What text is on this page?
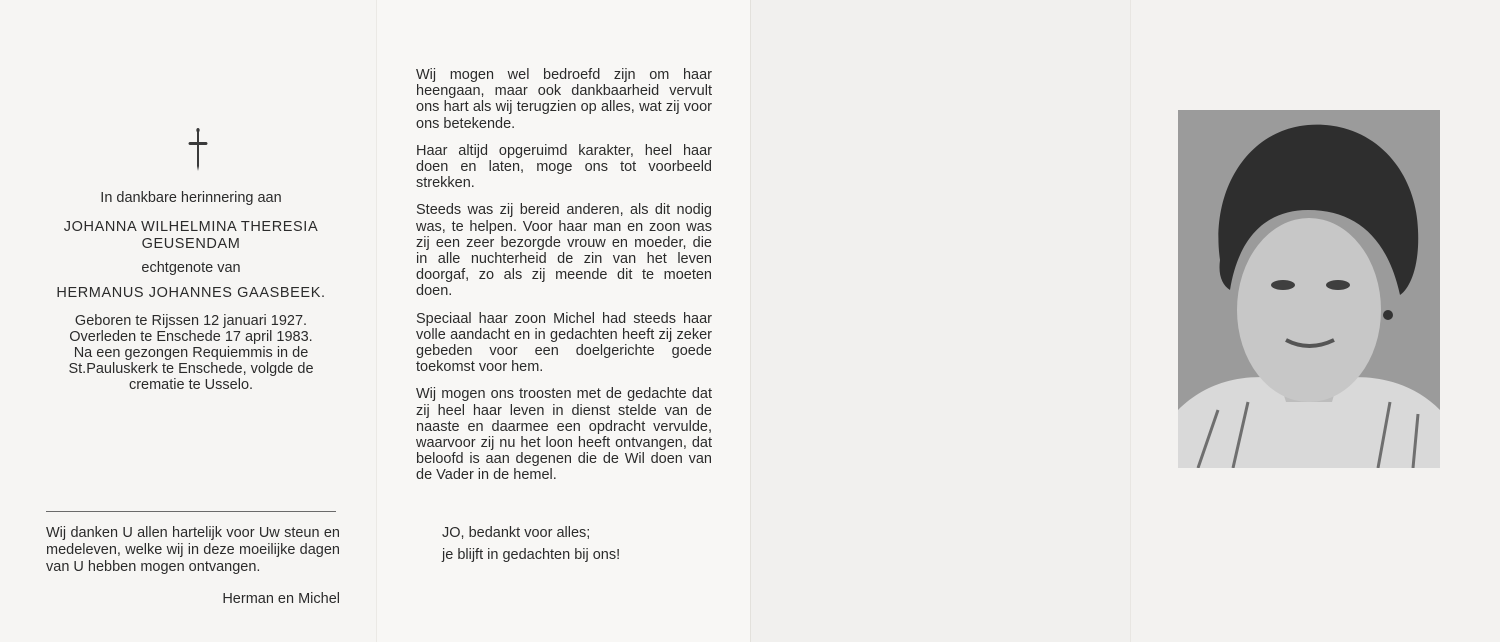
In dankbare herinnering aan
JOHANNA WILHELMINA THERESIA GEUSENDAM
echtgenote van
HERMANUS JOHANNES GAASBEEK.
Geboren te Rijssen 12 januari 1927.
Overleden te Enschede 17 april 1983.
Na een gezongen Requiemmis in de
St.Pauluskerk te Enschede, volgde de
crematie te Usselo.
Wij danken U allen hartelijk voor Uw steun en medeleven, welke wij in deze moeilijke dagen van U hebben mogen ontvangen.
Herman en Michel

Wij mogen wel bedroefd zijn om haar heengaan, maar ook dankbaarheid vervult ons hart als wij terugzien op alles, wat zij voor ons betekende.

Haar altijd opgeruimd karakter, heel haar doen en laten, moge ons tot voorbeeld strekken.

Steeds was zij bereid anderen, als dit nodig was, te helpen. Voor haar man en zoon was zij een zeer bezorgde vrouw en moeder, die in alle nuchterheid de zin van het leven doorgaf, zo als zij meende dit te moeten doen.

Speciaal haar zoon Michel had steeds haar volle aandacht en in gedachten heeft zij zeker gebeden voor een doelgerichte goede toekomst voor hem.

Wij mogen ons troosten met de gedachte dat zij heel haar leven in dienst stelde van de naaste en daarmee een opdracht vervulde, waarvoor zij nu het loon heeft ontvangen, dat beloofd is aan degenen die de Wil doen van de Vader in de hemel.

JO, bedankt voor alles;
je blijft in gedachten bij ons!
